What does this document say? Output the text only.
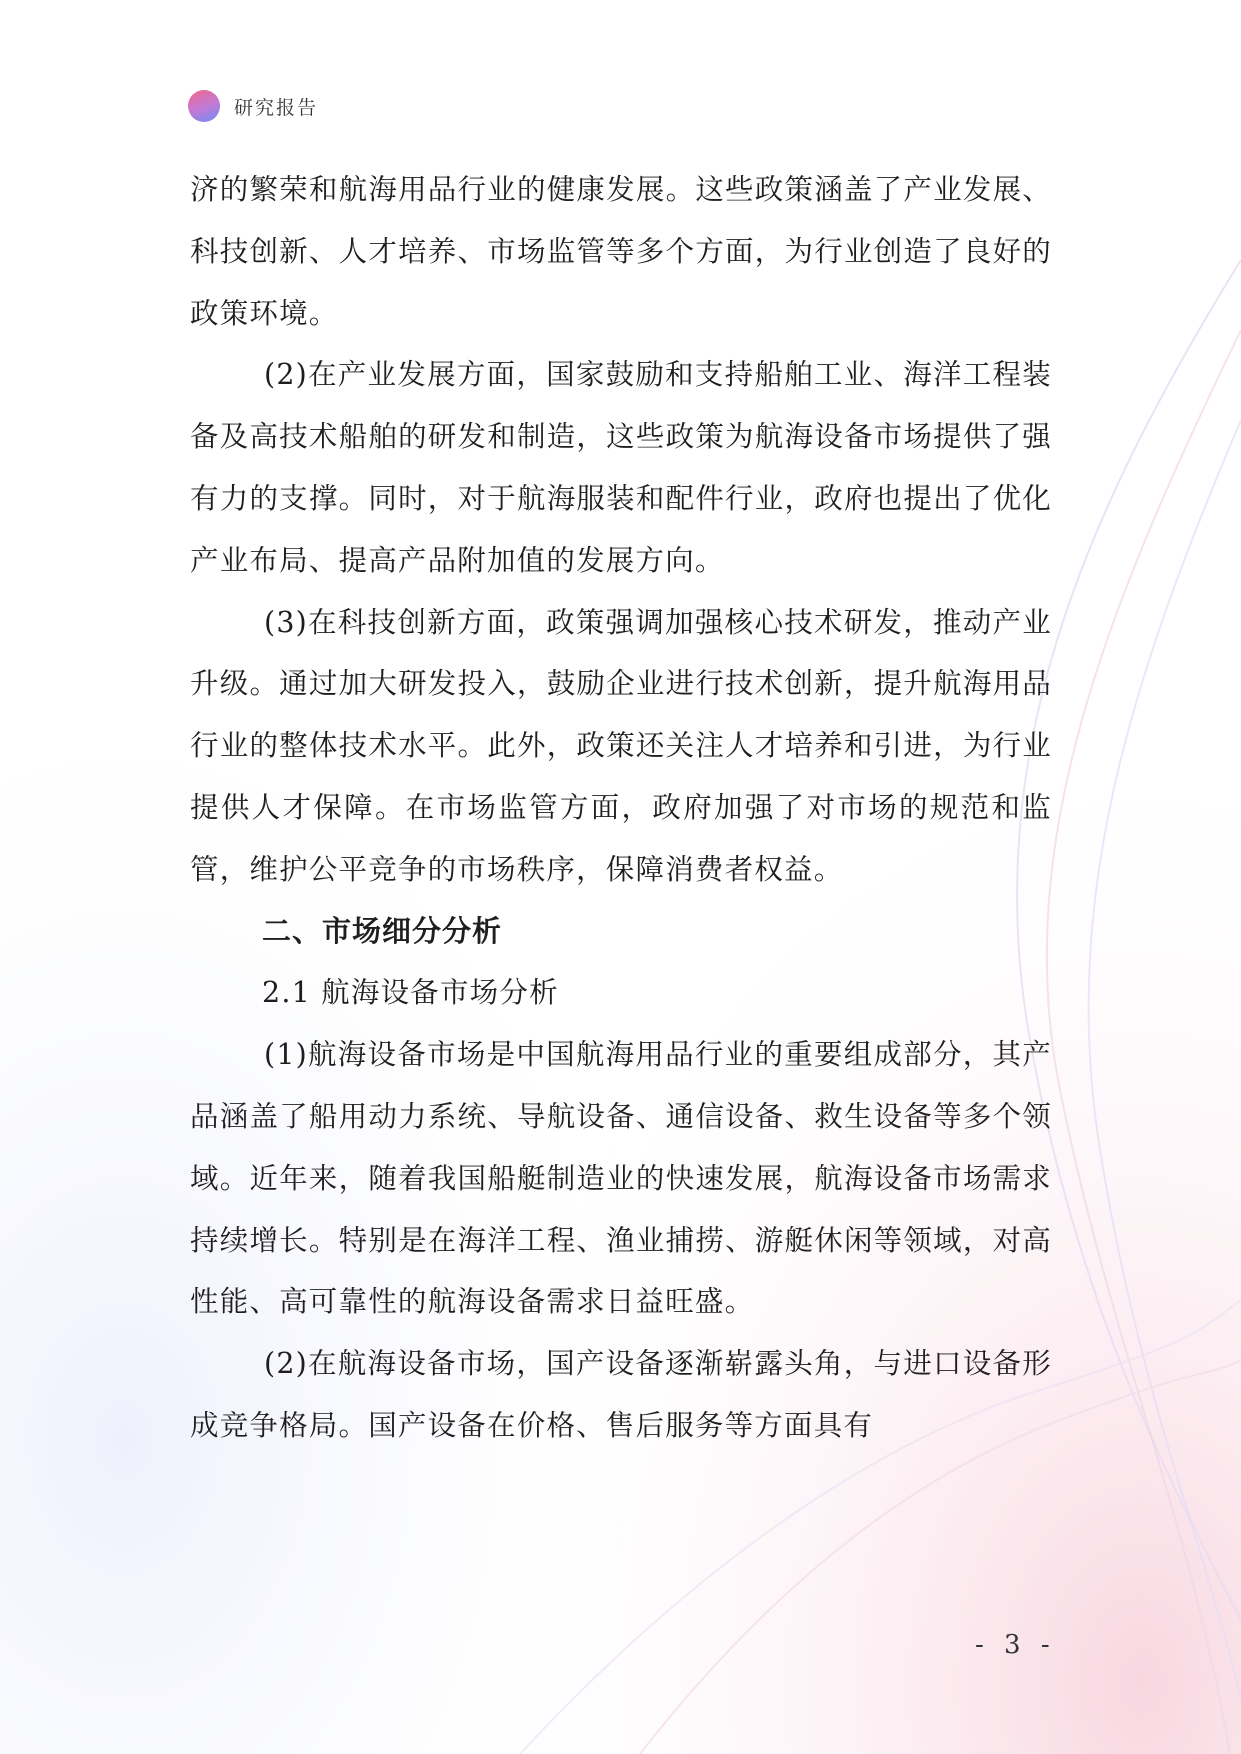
研究报告

济的繁荣和航海用品行业的健康发展。这些政策涵盖了产业发展、科技创新、人才培养、市场监管等多个方面，为行业创造了良好的政策环境。

(2)在产业发展方面，国家鼓励和支持船舶工业、海洋工程装备及高技术船舶的研发和制造，这些政策为航海设备市场提供了强有力的支撑。同时，对于航海服装和配件行业，政府也提出了优化产业布局、提高产品附加值的发展方向。

(3)在科技创新方面，政策强调加强核心技术研发，推动产业升级。通过加大研发投入，鼓励企业进行技术创新，提升航海用品行业的整体技术水平。此外，政策还关注人才培养和引进，为行业提供人才保障。在市场监管方面，政府加强了对市场的规范和监管，维护公平竞争的市场秩序，保障消费者权益。

二、市场细分分析

2.1 航海设备市场分析

(1)航海设备市场是中国航海用品行业的重要组成部分，其产品涵盖了船用动力系统、导航设备、通信设备、救生设备等多个领域。近年来，随着我国船艇制造业的快速发展，航海设备市场需求持续增长。特别是在海洋工程、渔业捕捞、游艇休闲等领域，对高性能、高可靠性的航海设备需求日益旺盛。

(2)在航海设备市场，国产设备逐渐崭露头角，与进口设备形成竞争格局。国产设备在价格、售后服务等方面具有

- 3 -
